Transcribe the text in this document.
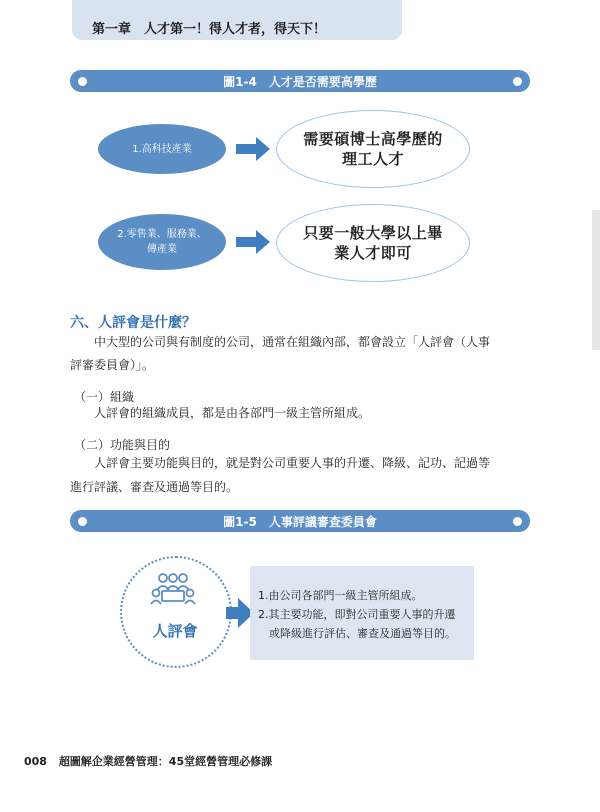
第一章　人才第一！得人才者，得天下！
圖1-4　人才是否需要高學歷
1.高科技產業
需要碩博士高學歷的
理工人才
2.零售業、服務業、
傳產業
只要一般大學以上畢
業人才即可
六、人評會是什麼？
中大型的公司與有制度的公司，通常在組織內部，都會設立「人評會（人事
評審委員會）」。
（一）組織
人評會的組織成員，都是由各部門一級主管所組成。
（二）功能與目的
人評會主要功能與目的，就是對公司重要人事的升遷、降級、記功、記過等
進行評議、審查及通過等目的。
圖1-5　人事評議審查委員會
人評會
1.由公司各部門一級主管所組成。
2.其主要功能，即對公司重要人事的升遷
或降級進行評估、審查及通過等目的。
008 超圖解企業經營管理：45堂經營管理必修課
